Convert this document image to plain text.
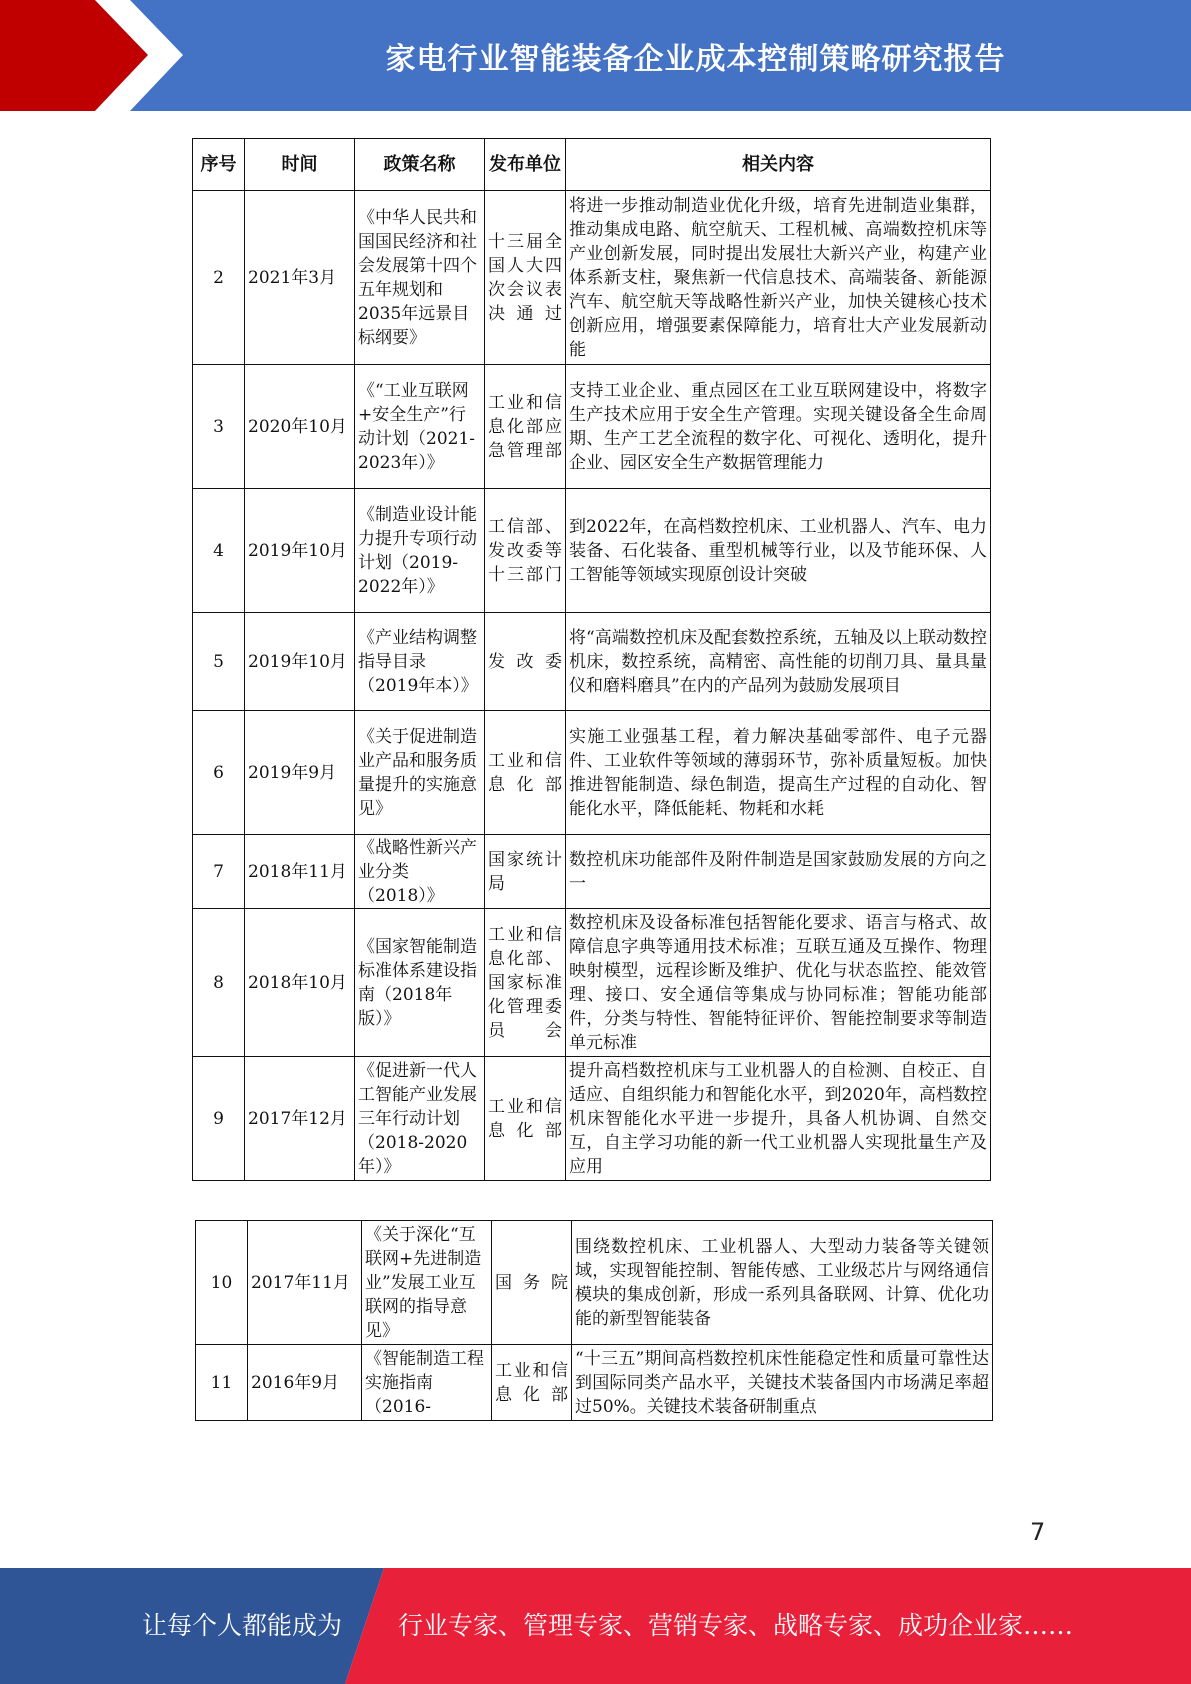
家电行业智能装备企业成本控制策略研究报告
序号	时间	政策名称	发布单位	相关内容
2	2021年3月	《中华人民共和国国民经济和社会发展第十四个五年规划和2035年远景目标纲要》	十三届全国人大四次会议表决通过	将进一步推动制造业优化升级，培育先进制造业集群，推动集成电路、航空航天、工程机械、高端数控机床等产业创新发展，同时提出发展壮大新兴产业，构建产业体系新支柱，聚焦新一代信息技术、高端装备、新能源汽车、航空航天等战略性新兴产业，加快关键核心技术创新应用，增强要素保障能力，培育壮大产业发展新动能
3	2020年10月	《“工业互联网+安全生产”行动计划（2021-2023年）》	工业和信息化部应急管理部	支持工业企业、重点园区在工业互联网建设中，将数字生产技术应用于安全生产管理。实现关键设备全生命周期、生产工艺全流程的数字化、可视化、透明化，提升企业、园区安全生产数据管理能力
4	2019年10月	《制造业设计能力提升专项行动计划（2019-2022年）》	工信部、发改委等十三部门	到2022年，在高档数控机床、工业机器人、汽车、电力装备、石化装备、重型机械等行业，以及节能环保、人工智能等领域实现原创设计突破
5	2019年10月	《产业结构调整指导目录（2019年本）》	发改委	将“高端数控机床及配套数控系统，五轴及以上联动数控机床，数控系统，高精密、高性能的切削刀具、量具量仪和磨料磨具”在内的产品列为鼓励发展项目
6	2019年9月	《关于促进制造业产品和服务质量提升的实施意见》	工业和信息化部	实施工业强基工程，着力解决基础零部件、电子元器件、工业软件等领域的薄弱环节，弥补质量短板。加快推进智能制造、绿色制造，提高生产过程的自动化、智能化水平，降低能耗、物耗和水耗
7	2018年11月	《战略性新兴产业分类（2018）》	国家统计局	数控机床功能部件及附件制造是国家鼓励发展的方向之一
8	2018年10月	《国家智能制造标准体系建设指南（2018年版）》	工业和信息化部、国家标准化管理委员会	数控机床及设备标准包括智能化要求、语言与格式、故障信息字典等通用技术标准；互联互通及互操作、物理映射模型，远程诊断及维护、优化与状态监控、能效管理、接口、安全通信等集成与协同标准；智能功能部件，分类与特性、智能特征评价、智能控制要求等制造单元标准
9	2017年12月	《促进新一代人工智能产业发展三年行动计划（2018-2020年）》	工业和信息化部	提升高档数控机床与工业机器人的自检测、自校正、自适应、自组织能力和智能化水平，到2020年，高档数控机床智能化水平进一步提升，具备人机协调、自然交互，自主学习功能的新一代工业机器人实现批量生产及应用
10	2017年11月	《关于深化“互联网+先进制造业”发展工业互联网的指导意见》	国务院	围绕数控机床、工业机器人、大型动力装备等关键领域，实现智能控制、智能传感、工业级芯片与网络通信模块的集成创新，形成一系列具备联网、计算、优化功能的新型智能装备
11	2016年9月	《智能制造工程实施指南（2016-	工业和信息化部	“十三五”期间高档数控机床性能稳定性和质量可靠性达到国际同类产品水平，关键技术装备国内市场满足率超过50%。关键技术装备研制重点
7
让每个人都能成为 行业专家、管理专家、营销专家、战略专家、成功企业家……
